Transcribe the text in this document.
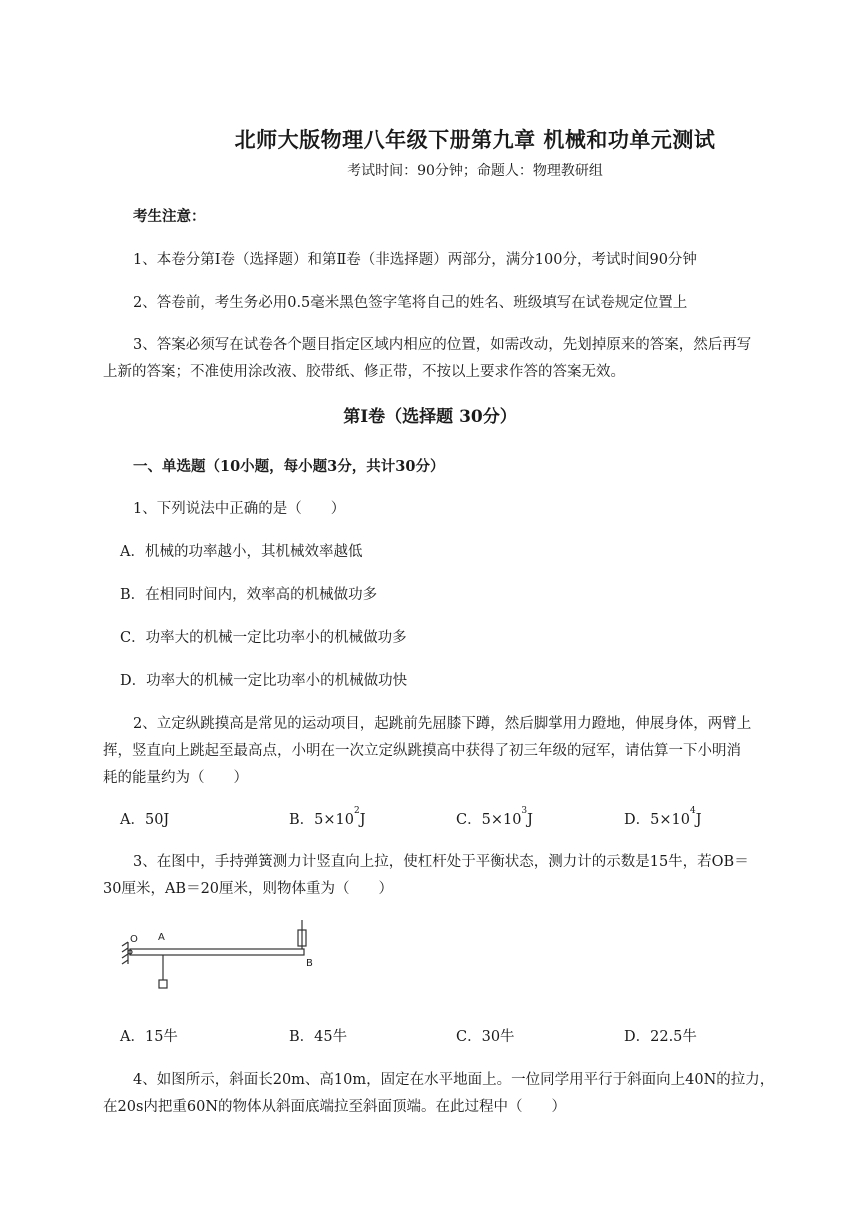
北师大版物理八年级下册第九章 机械和功单元测试
考试时间：90分钟；命题人：物理教研组
考生注意：
1、本卷分第Ⅰ卷（选择题）和第Ⅱ卷（非选择题）两部分，满分100分，考试时间90分钟
2、答卷前，考生务必用0.5毫米黑色签字笔将自己的姓名、班级填写在试卷规定位置上
3、答案必须写在试卷各个题目指定区域内相应的位置，如需改动，先划掉原来的答案，然后再写
上新的答案；不准使用涂改液、胶带纸、修正带，不按以上要求作答的答案无效。
第Ⅰ卷（选择题 30分）
一、单选题（10小题，每小题3分，共计30分）
1、下列说法中正确的是（　　）
A．机械的功率越小，其机械效率越低
B．在相同时间内，效率高的机械做功多
C．功率大的机械一定比功率小的机械做功多
D．功率大的机械一定比功率小的机械做功快
2、立定纵跳摸高是常见的运动项目，起跳前先屈膝下蹲，然后脚掌用力蹬地，伸展身体，两臂上
挥，竖直向上跳起至最高点，小明在一次立定纵跳摸高中获得了初三年级的冠军，请估算一下小明消
耗的能量约为（　　）
A．50J	B．$5\times 10^2J$	C．$5\times 10^3J$	D．$5\times 10^4J$
3、在图中，手持弹簧测力计竖直向上拉，使杠杆处于平衡状态，测力计的示数是15牛，若OB＝
30厘米，AB＝20厘米，则物体重为（　　）
O A
B
A．15牛	B．45牛	C．30牛	D．22.5牛
4、如图所示，斜面长20m、高10m，固定在水平地面上。一位同学用平行于斜面向上40N的拉力，
在20s内把重60N的物体从斜面底端拉至斜面顶端。在此过程中（　　）
